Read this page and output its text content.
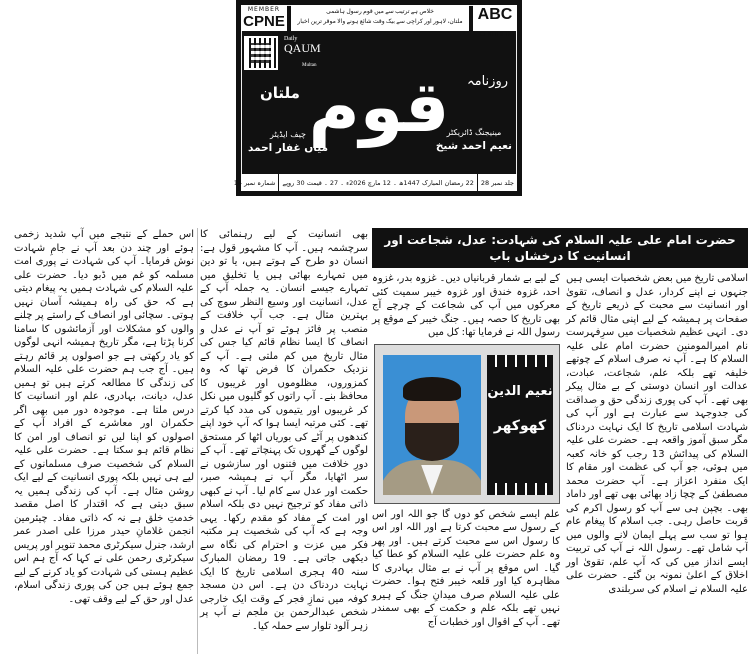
MEMBER
CPNE
خلاص ہے ترتیب سے میں قوم رسول ہاشمی
ملتان، لاہور اور کراچی سے بیک وقت شائع ہونے والا موقر ترین اخبار ABC
CERTIFIED
Daily
QAUM
Multan
قوم روزنامہ
ملتان
چیف ایڈیٹر
میاں غفار احمد
مینیجنگ ڈائریکٹر
نعیم احمد شیخ
جلد نمبر 28
22 رمضان المبارک 1447ھ ۔ 12 مارچ 2026ء ۔ 27 ۔ قیمت 30 روپے
شمارہ نمبر 14
حضرت امام علی علیہ السلام کی شہادت: عدل، شجاعت اور انسانیت کا درخشاں باب

اسلامی تاریخ میں بعض شخصیات ایسی ہیں جنہوں نے اپنے کردار، عدل و انصاف، تقویٰ اور انسانیت سے محبت کے ذریعے تاریخ کے صفحات پر ہمیشہ کے لیے اپنی مثال قائم کر دی۔ انہی عظیم شخصیات میں سرِفہرست نام امیرالمومنین حضرت امام علی علیہ السلام کا ہے۔ آپ نہ صرف اسلام کے چوتھے خلیفہ تھے بلکہ علم، شجاعت، عبادت، عدالت اور انسان دوستی کے بے مثال پیکر بھی تھے۔ آپ کی پوری زندگی حق و صداقت کی جدوجہد سے عبارت ہے اور آپ کی شہادت اسلامی تاریخ کا ایک نہایت دردناک مگر سبق آموز واقعہ ہے۔ حضرت علی علیہ السلام کی پیدائش 13 رجب کو خانہ کعبہ میں ہوئی، جو آپ کی عظمت اور مقام کا ایک منفرد اعزاز ہے۔ آپ حضرت محمد مصطفیٰ کے چچا زاد بھائی بھی تھے اور داماد بھی۔ بچپن ہی سے آپ کو رسول اکرم کی قربت حاصل رہی۔ جب اسلام کا پیغام عام ہوا تو سب سے پہلے ایمان لانے والوں میں آپ شامل تھے۔ رسول اللہ نے آپ کی تربیت ایسے انداز میں کی کہ آپ علم، تقویٰ اور اخلاق کے اعلیٰ نمونہ بن گئے۔ حضرت علی علیہ السلام نے اسلام کی سربلندی

کے لیے بے شمار قربانیاں دیں۔ غزوہ بدر، غزوہ احد، غزوہ خندق اور غزوہ خیبر سمیت کئی معرکوں میں آپ کی شجاعت کے چرچے آج بھی تاریخ کا حصہ ہیں۔ جنگ خیبر کے موقع پر رسول اللہ نے فرمایا تھا: کل میں

نعیم الدین
کھوکھر

علم ایسے شخص کو دوں گا جو اللہ اور اس کے رسول سے محبت کرتا ہے اور اللہ اور اس کا رسول اس سے محبت کرتے ہیں۔ اور پھر وہ علم حضرت علی علیہ السلام کو عطا کیا گیا۔ اس موقع پر آپ نے بے مثال بہادری کا مظاہرہ کیا اور قلعہ خیبر فتح ہوا۔ حضرت علی علیہ السلام صرف میدانِ جنگ کے ہیرو نہیں تھے بلکہ علم و حکمت کے بھی سمندر تھے۔ آپ کے اقوال اور خطبات آج

بھی انسانیت کے لیے رہنمائی کا سرچشمہ ہیں۔ آپ کا مشہور قول ہے: انسان دو طرح کے ہوتے ہیں، یا تو دین میں تمہارے بھائی ہیں یا تخلیق میں تمہارے جیسے انسان۔ یہ جملہ آپ کے عدل، انسانیت اور وسیع النظر سوچ کی بہترین مثال ہے۔ جب آپ خلافت کے منصب پر فائز ہوئے تو آپ نے عدل و انصاف کا ایسا نظام قائم کیا جس کی مثال تاریخ میں کم ملتی ہے۔ آپ کے نزدیک حکمران کا فرض تھا کہ وہ کمزوروں، مظلوموں اور غریبوں کا محافظ بنے۔ آپ راتوں کو گلیوں میں نکل کر غریبوں اور یتیموں کی مدد کیا کرتے تھے۔ کئی مرتبہ ایسا ہوا کہ آپ خود اپنے کندھوں پر آٹے کی بوریاں اٹھا کر مستحق لوگوں کے گھروں تک پہنچاتے تھے۔ آپ کے دورِ خلافت میں فتنوں اور سازشوں نے سر اٹھایا، مگر آپ نے ہمیشہ صبر، حکمت اور عدل سے کام لیا۔ آپ نے کبھی ذاتی مفاد کو ترجیح نہیں دی بلکہ اسلام اور امت کے مفاد کو مقدم رکھا۔ یہی وجہ ہے کہ آپ کی شخصیت ہر مکتبہ فکر میں عزت و احترام کی نگاہ سے دیکھی جاتی ہے۔ 19 رمضان المبارک سنہ 40 ہجری اسلامی تاریخ کا ایک نہایت دردناک دن ہے۔ اس دن مسجد کوفہ میں نمازِ فجر کے وقت ایک خارجی شخص عبدالرحمن بن ملجم نے آپ پر زہر آلود تلوار سے حملہ کیا۔

اس حملے کے نتیجے میں آپ شدید زخمی ہوئے اور چند دن بعد آپ نے جامِ شہادت نوش فرمایا۔ آپ کی شہادت نے پوری امت مسلمہ کو غم میں ڈبو دیا۔ حضرت علی علیہ السلام کی شہادت ہمیں یہ پیغام دیتی ہے کہ حق کی راہ ہمیشہ آسان نہیں ہوتی۔ سچائی اور انصاف کے راستے پر چلنے والوں کو مشکلات اور آزمائشوں کا سامنا کرنا پڑتا ہے، مگر تاریخ ہمیشہ انہی لوگوں کو یاد رکھتی ہے جو اصولوں پر قائم رہتے ہیں۔ آج جب ہم حضرت علی علیہ السلام کی زندگی کا مطالعہ کرتے ہیں تو ہمیں عدل، دیانت، بہادری، علم اور انسانیت کا درس ملتا ہے۔ موجودہ دور میں بھی اگر حکمران اور معاشرے کے افراد آپ کے اصولوں کو اپنا لیں تو انصاف اور امن کا نظام قائم ہو سکتا ہے۔ حضرت علی علیہ السلام کی شخصیت صرف مسلمانوں کے لیے ہی نہیں بلکہ پوری انسانیت کے لیے ایک روشن مثال ہے۔ آپ کی زندگی ہمیں یہ سبق دیتی ہے کہ اقتدار کا اصل مقصد خدمتِ خلق ہے نہ کہ ذاتی مفاد۔ چیئرمین انجمن غلامانِ حیدر مرزا علی اصدر عمر ارشد، جنرل سیکرٹری محمد تنویر اور پریس سیکرٹری رحمن علی نے کہا کہ آج ہم اس عظیم ہستی کی شہادت کو یاد کرنے کے لیے جمع ہوئے ہیں جن کی پوری زندگی اسلام، عدل اور حق کے لیے وقف تھی۔
